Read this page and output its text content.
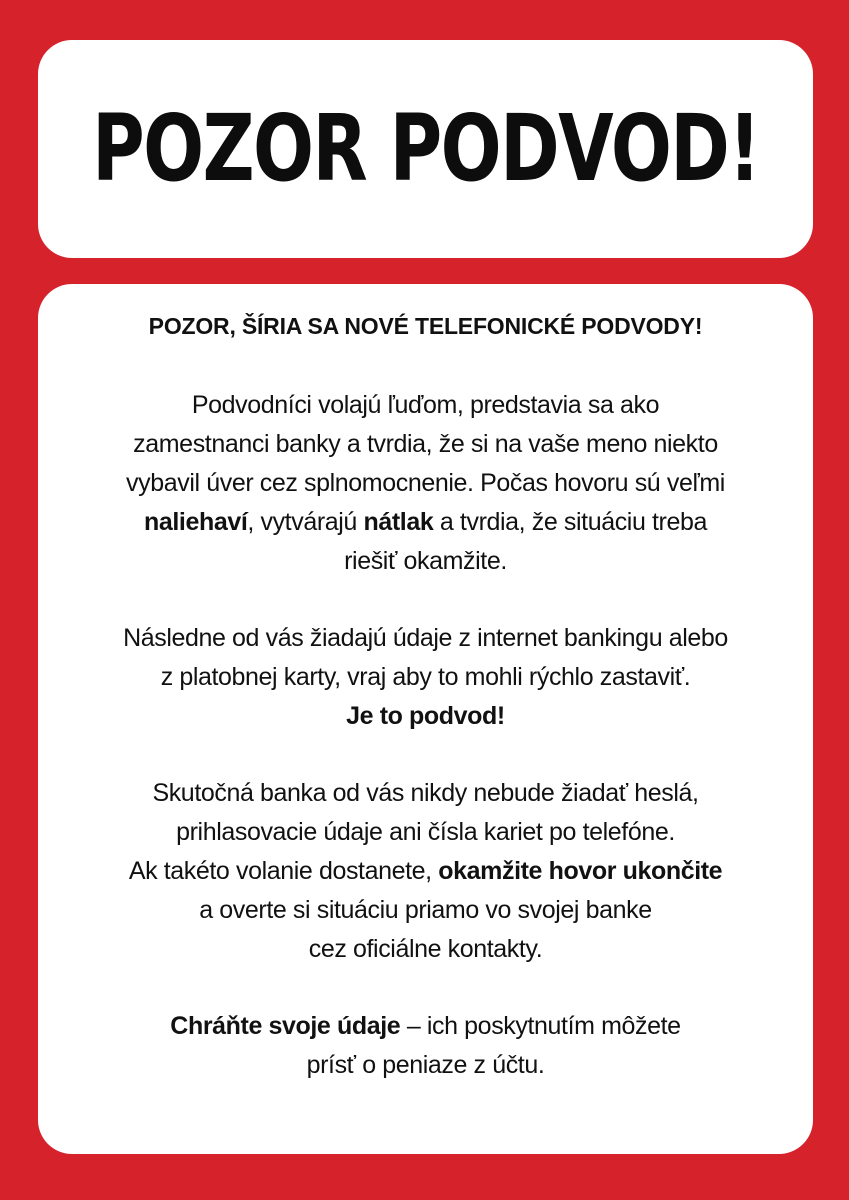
POZOR PODVOD!

POZOR, ŠÍRIA SA NOVÉ TELEFONICKÉ PODVODY!

Podvodníci volajú ľuďom, predstavia sa ako
zamestnanci banky a tvrdia, že si na vaše meno niekto
vybavil úver cez splnomocnenie. Počas hovoru sú veľmi
naliehaví, vytvárajú nátlak a tvrdia, že situáciu treba
riešiť okamžite.

Následne od vás žiadajú údaje z internet bankingu alebo
z platobnej karty, vraj aby to mohli rýchlo zastaviť.
Je to podvod!

Skutočná banka od vás nikdy nebude žiadať heslá,
prihlasovacie údaje ani čísla kariet po telefóne.
Ak takéto volanie dostanete, okamžite hovor ukončite
a overte si situáciu priamo vo svojej banke
cez oficiálne kontakty.

Chráňte svoje údaje – ich poskytnutím môžete
prísť o peniaze z účtu.
